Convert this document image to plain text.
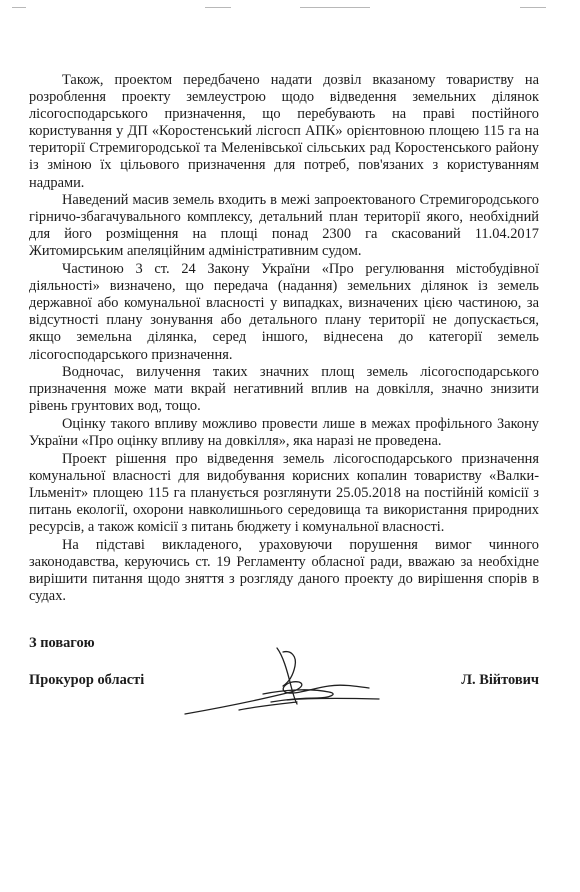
Також, проектом передбачено надати дозвіл вказаному товариству на розроблення проекту землеустрою щодо відведення земельних ділянок лісогосподарського призначення, що перебувають на праві постійного користування у ДП «Коростенський лісгосп АПК» орієнтовною площею 115 га на території Стремигородської та Меленівської сільських рад Коростенського району із зміною їх цільового призначення для потреб, пов'язаних з користуванням надрами.

Наведений масив земель входить в межі запроектованого Стремигородського гірничо-збагачувального комплексу, детальний план території якого, необхідний для його розміщення на площі понад 2300 га скасований 11.04.2017 Житомирським апеляційним адміністративним судом.

Частиною 3 ст. 24 Закону України «Про регулювання містобудівної діяльності» визначено, що передача (надання) земельних ділянок із земель державної або комунальної власності у випадках, визначених цією частиною, за відсутності плану зонування або детального плану території не допускається, якщо земельна ділянка, серед іншого, віднесена до категорії земель лісогосподарського призначення.

Водночас, вилучення таких значних площ земель лісогосподарського призначення може мати вкрай негативний вплив на довкілля, значно знизити рівень грунтових вод, тощо.

Оцінку такого впливу можливо провести лише в межах профільного Закону України «Про оцінку впливу на довкілля», яка наразі не проведена.

Проект рішення про відведення земель лісогосподарського призначення комунальної власності для видобування корисних копалин товариству «Валки-Ільменіт» площею 115 га планується розглянути 25.05.2018 на постійній комісії з питань екології, охорони навколишнього середовища та використання природних ресурсів, а також комісії з питань бюджету і комунальної власності.

На підставі викладеного, ураховуючи порушення вимог чинного законодавства, керуючись ст. 19 Регламенту обласної ради, вважаю за необхідне вирішити питання щодо зняття з розгляду даного проекту до вирішення спорів в судах.

З повагою
Прокурор області	Л. Війтович
